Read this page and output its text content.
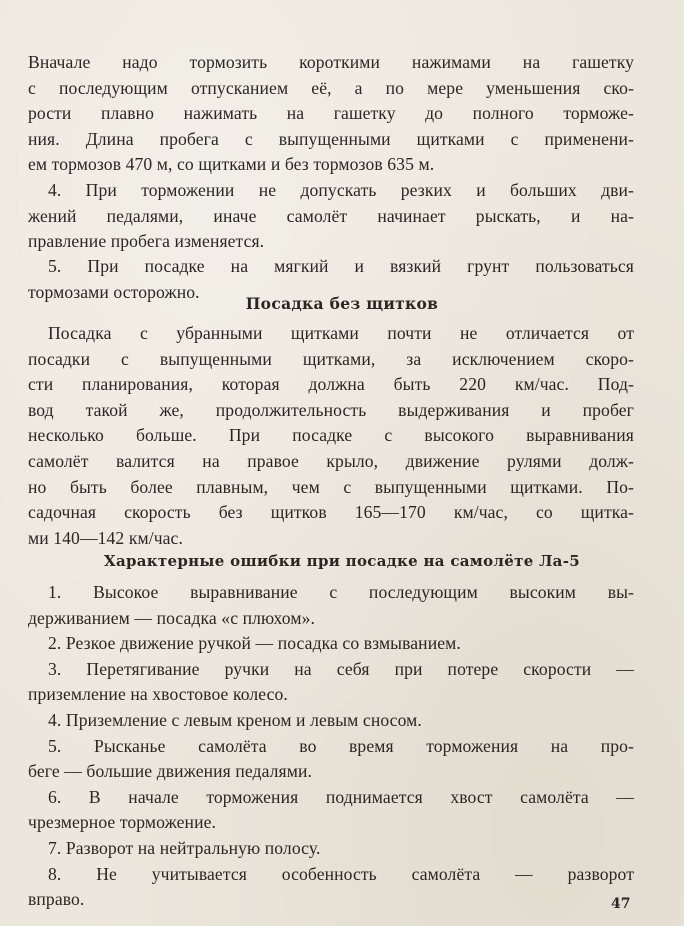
Вначале надо тормозить короткими нажимами на гашетку
с последующим отпусканием её, а по мере уменьшения ско-
рости плавно нажимать на гашетку до полного торможе-
ния. Длина пробега с выпущенными щитками с применени-
ем тормозов 470 м, со щитками и без тормозов 635 м.
4. При торможении не допускать резких и больших дви-
жений педалями, иначе самолёт начинает рыскать, и на-
правление пробега изменяется.
5. При посадке на мягкий и вязкий грунт пользоваться
тормозами осторожно.
Посадка без щитков
Посадка с убранными щитками почти не отличается от
посадки с выпущенными щитками, за исключением скоро-
сти планирования, которая должна быть 220 км/час. Под-
вод такой же, продолжительность выдерживания и пробег
несколько больше. При посадке с высокого выравнивания
самолёт валится на правое крыло, движение рулями долж-
но быть более плавным, чем с выпущенными щитками. По-
садочная скорость без щитков 165—170 км/час, со щитка-
ми 140—142 км/час.
Характерные ошибки при посадке на самолёте Ла-5
1. Высокое выравнивание с последующим высоким вы-
держиванием — посадка «с плюхом».
2. Резкое движение ручкой — посадка со взмыванием.
3. Перетягивание ручки на себя при потере скорости —
приземление на хвостовое колесо.
4. Приземление с левым креном и левым сносом.
5. Рысканье самолёта во время торможения на про-
беге — большие движения педалями.
6. В начале торможения поднимается хвост самолёта —
чрезмерное торможение.
7. Разворот на нейтральную полосу.
8. Не учитывается особенность самолёта — разворот
вправо.	47
